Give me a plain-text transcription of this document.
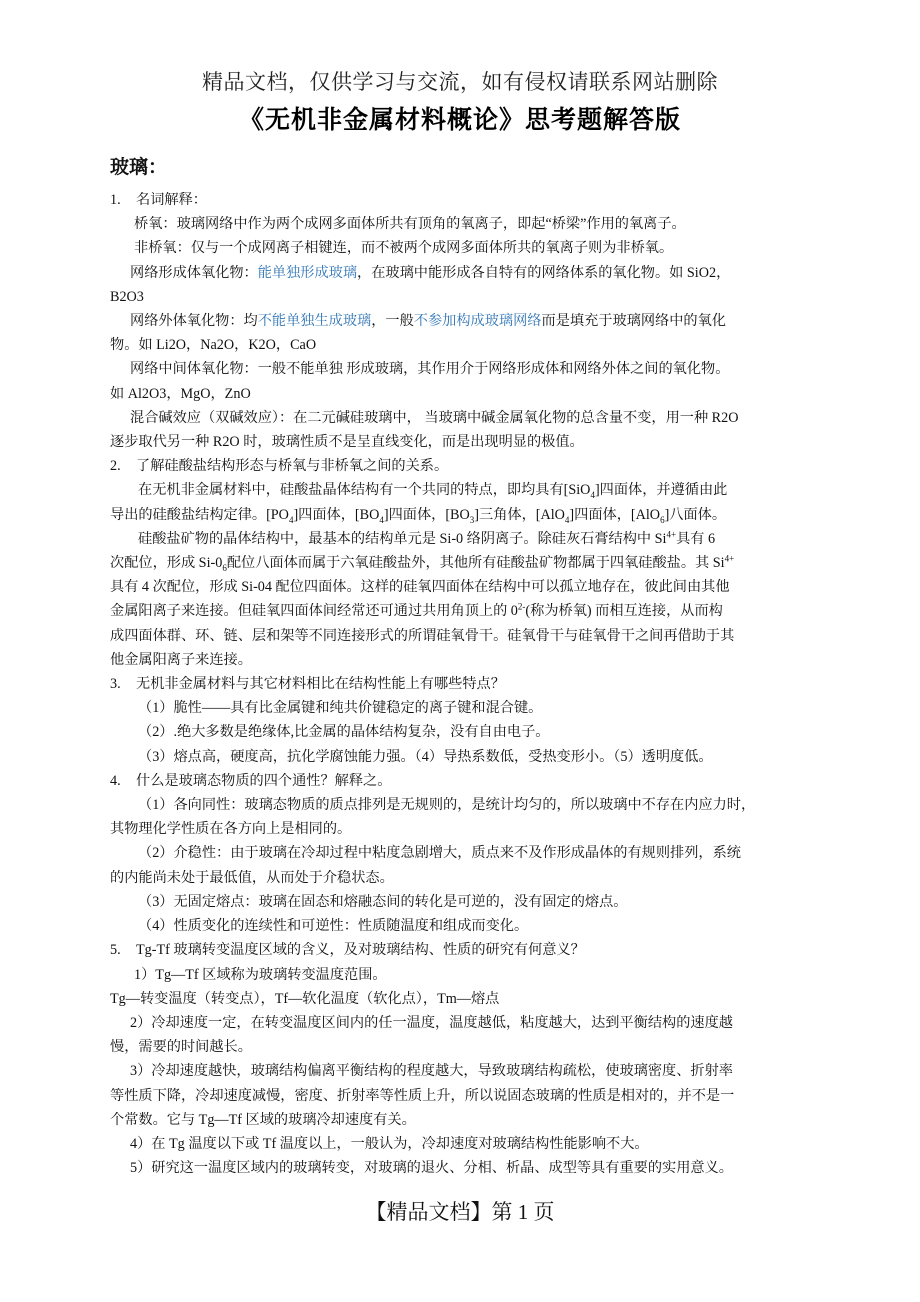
精品文档，仅供学习与交流，如有侵权请联系网站删除
《无机非金属材料概论》思考题解答版
玻璃：
1. 名词解释：
桥氧：玻璃网络中作为两个成网多面体所共有顶角的氧离子，即起“桥梁”作用的氧离子。
非桥氧：仅与一个成网离子相键连，而不被两个成网多面体所共的氧离子则为非桥氧。
网络形成体氧化物：能单独形成玻璃，在玻璃中能形成各自特有的网络体系的氧化物。如 SiO2，
B2O3
网络外体氧化物：均不能单独生成玻璃，一般不参加构成玻璃网络而是填充于玻璃网络中的氧化
物。如 Li2O，Na2O，K2O，CaO
网络中间体氧化物：一般不能单独 形成玻璃，其作用介于网络形成体和网络外体之间的氧化物。
如 Al2O3，MgO，ZnO
混合碱效应（双碱效应）：在二元碱硅玻璃中， 当玻璃中碱金属氧化物的总含量不变，用一种 R2O
逐步取代另一种 R2O 时，玻璃性质不是呈直线变化，而是出现明显的极值。
2. 了解硅酸盐结构形态与桥氧与非桥氧之间的关系。
在无机非金属材料中，硅酸盐晶体结构有一个共同的特点，即均具有[SiO$_4$]四面体，并遵循由此
导出的硅酸盐结构定律。$[PO_4]$四面体，$[BO_4]$四面体，$[BO_3]$三角体，[AlO$_4$]四面体，[AlO$_6$]八面体。
硅酸盐矿物的晶体结构中，最基本的结构单元是 Si-0 络阴离子。除硅灰石膏结构中 $Si^{4+}$具有 6
次配位，形成 $Si-0_6$配位八面体而属于六氧硅酸盐外，其他所有硅酸盐矿物都属于四氧硅酸盐。其 $Si^{4+}$
具有 4 次配位，形成 Si-04 配位四面体。这样的硅氧四面体在结构中可以孤立地存在，彼此间由其他
金属阳离子来连接。但硅氧四面体间经常还可通过共用角顶上的 $0^{2-}$(称为桥氧) 而相互连接，从而构
成四面体群、环、链、层和架等不同连接形式的所谓硅氧骨干。硅氧骨干与硅氧骨干之间再借助于其
他金属阳离子来连接。
3. 无机非金属材料与其它材料相比在结构性能上有哪些特点？
（1）脆性——具有比金属键和纯共价键稳定的离子键和混合键。
（2）.绝大多数是绝缘体,比金属的晶体结构复杂，没有自由电子。
（3）熔点高，硬度高，抗化学腐蚀能力强。（4）导热系数低，受热变形小。（5）透明度低。
4. 什么是玻璃态物质的四个通性？解释之。
（1）各向同性：玻璃态物质的质点排列是无规则的，是统计均匀的，所以玻璃中不存在内应力时，
其物理化学性质在各方向上是相同的。
（2）介稳性：由于玻璃在冷却过程中粘度急剧增大，质点来不及作形成晶体的有规则排列，系统
的内能尚未处于最低值，从而处于介稳状态。
（3）无固定熔点：玻璃在固态和熔融态间的转化是可逆的，没有固定的熔点。
（4）性质变化的连续性和可逆性：性质随温度和组成而变化。
5. Tg-Tf 玻璃转变温度区域的含义，及对玻璃结构、性质的研究有何意义？
1）Tg—Tf 区域称为玻璃转变温度范围。
Tg—转变温度（转变点），Tf—软化温度（软化点），Tm—熔点
2）冷却速度一定，在转变温度区间内的任一温度，温度越低，粘度越大，达到平衡结构的速度越
慢，需要的时间越长。
3）冷却速度越快，玻璃结构偏离平衡结构的程度越大，导致玻璃结构疏松，使玻璃密度、折射率
等性质下降，冷却速度减慢，密度、折射率等性质上升，所以说固态玻璃的性质是相对的，并不是一
个常数。它与 Tg—Tf 区域的玻璃冷却速度有关。
4）在 Tg 温度以下或 Tf 温度以上，一般认为，冷却速度对玻璃结构性能影响不大。
5）研究这一温度区域内的玻璃转变，对玻璃的退火、分相、析晶、成型等具有重要的实用意义。
【精品文档】第 1 页
